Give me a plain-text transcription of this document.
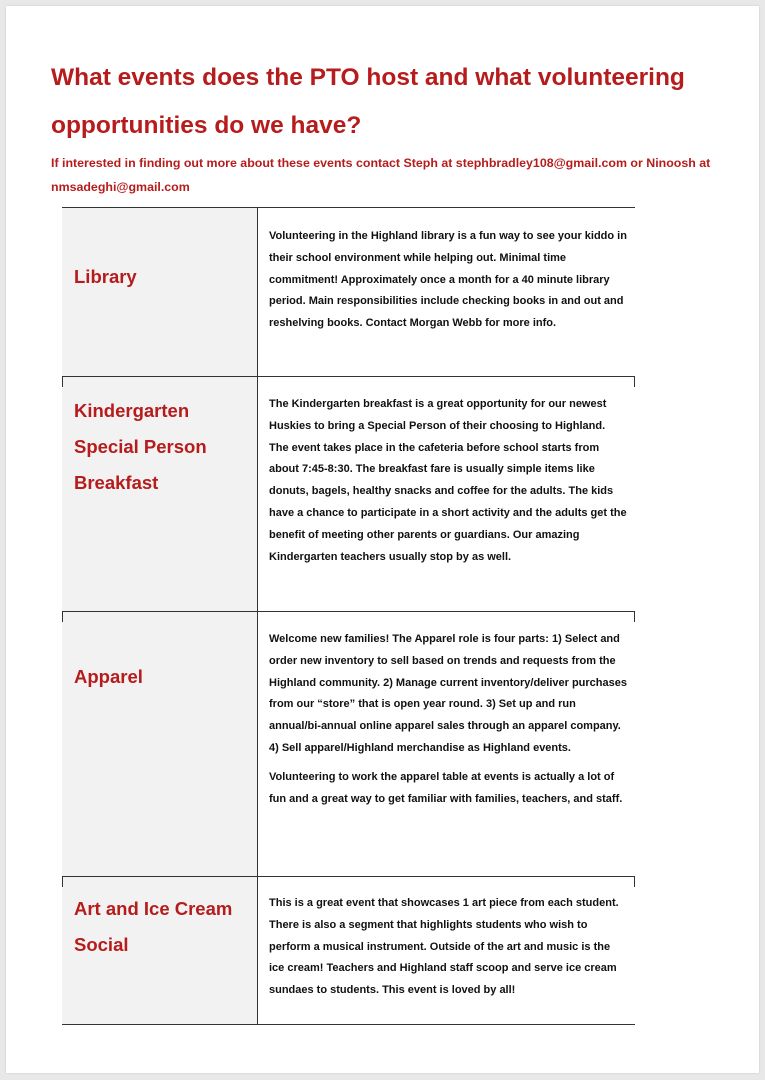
What events does the PTO host and what volunteering opportunities do we have?

If interested in finding out more about these events contact Steph at stephbradley108@gmail.com or Ninoosh at nmsadeghi@gmail.com

Library

Volunteering in the Highland library is a fun way to see your kiddo in their school environment while helping out. Minimal time commitment! Approximately once a month for a 40 minute library period. Main responsibilities include checking books in and out and reshelving books. Contact Morgan Webb for more info.

Kindergarten Special Person Breakfast

The Kindergarten breakfast is a great opportunity for our newest Huskies to bring a Special Person of their choosing to Highland. The event takes place in the cafeteria before school starts from about 7:45-8:30. The breakfast fare is usually simple items like donuts, bagels, healthy snacks and coffee for the adults. The kids have a chance to participate in a short activity and the adults get the benefit of meeting other parents or guardians. Our amazing Kindergarten teachers usually stop by as well.

Apparel

Welcome new families! The Apparel role is four parts: 1) Select and order new inventory to sell based on trends and requests from the Highland community. 2) Manage current inventory/deliver purchases from our “store” that is open year round. 3) Set up and run annual/bi-annual online apparel sales through an apparel company. 4) Sell apparel/Highland merchandise as Highland events.

Volunteering to work the apparel table at events is actually a lot of fun and a great way to get familiar with families, teachers, and staff.

Art and Ice Cream Social

This is a great event that showcases 1 art piece from each student. There is also a segment that highlights students who wish to perform a musical instrument. Outside of the art and music is the ice cream! Teachers and Highland staff scoop and serve ice cream sundaes to students. This event is loved by all!
